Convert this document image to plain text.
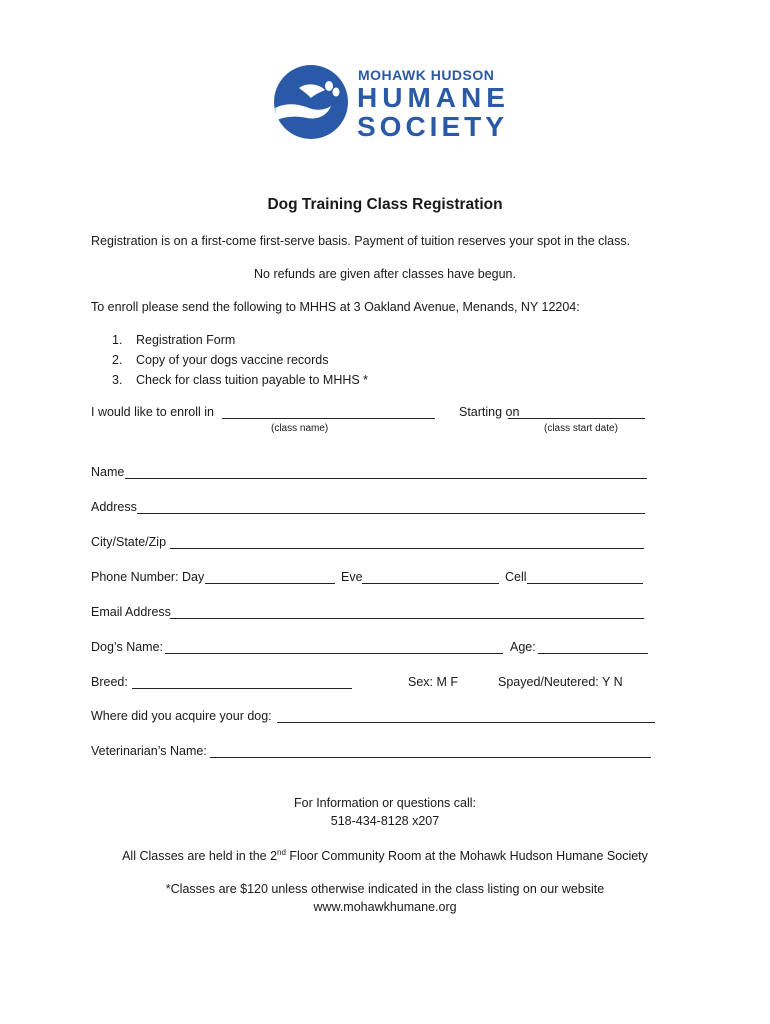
MOHAWK HUDSON
HUMANE
SOCIETY
Dog Training Class Registration
Registration is on a first-come first-serve basis. Payment of tuition reserves your spot in the class.
No refunds are given after classes have begun.
To enroll please send the following to MHHS at 3 Oakland Avenue, Menands, NY 12204:
1. Registration Form
2. Copy of your dogs vaccine records
3. Check for class tuition payable to MHHS *
I would like to enroll in
(class name)
Starting on
(class start date)
Name
Address
City/State/Zip
Phone Number: Day	Eve	Cell
Email Address
Dog’s Name:	Age:
Breed:	Sex: M F	Spayed/Neutered: Y N
Where did you acquire your dog:
Veterinarian’s Name:
For Information or questions call:
518-434-8128 x207
All Classes are held in the 2nd Floor Community Room at the Mohawk Hudson Humane Society
*Classes are $120 unless otherwise indicated in the class listing on our website
www.mohawkhumane.org
